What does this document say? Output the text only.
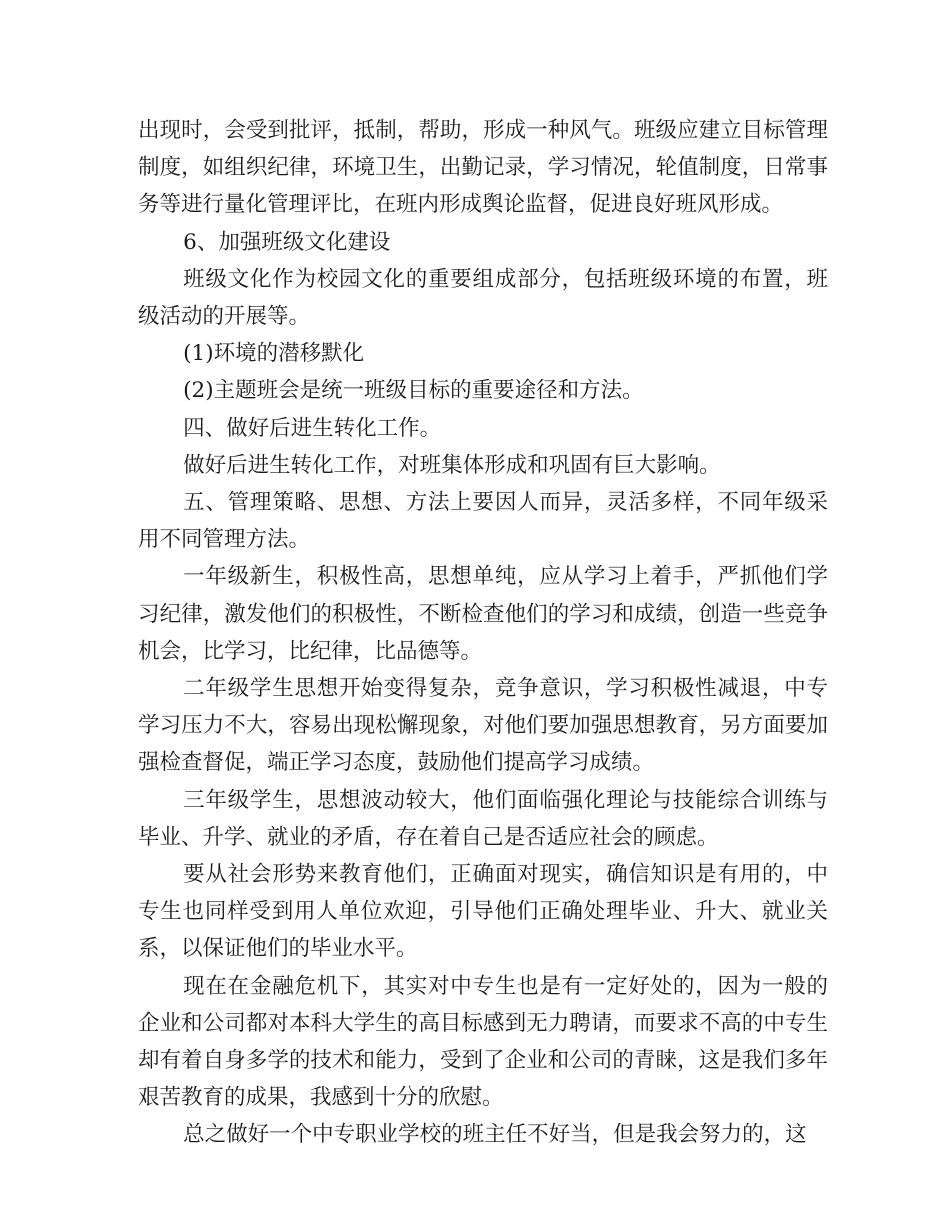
出现时，会受到批评，抵制，帮助，形成一种风气。班级应建立目标管理制度，如组织纪律，环境卫生，出勤记录，学习情况，轮值制度，日常事务等进行量化管理评比，在班内形成舆论监督，促进良好班风形成。

6、加强班级文化建设

班级文化作为校园文化的重要组成部分，包括班级环境的布置，班级活动的开展等。

(1)环境的潜移默化

(2)主题班会是统一班级目标的重要途径和方法。

四、做好后进生转化工作。

做好后进生转化工作，对班集体形成和巩固有巨大影响。

五、管理策略、思想、方法上要因人而异，灵活多样，不同年级采用不同管理方法。

一年级新生，积极性高，思想单纯，应从学习上着手，严抓他们学习纪律，激发他们的积极性，不断检查他们的学习和成绩，创造一些竞争机会，比学习，比纪律，比品德等。

二年级学生思想开始变得复杂，竞争意识，学习积极性减退，中专学习压力不大，容易出现松懈现象，对他们要加强思想教育，另方面要加强检查督促，端正学习态度，鼓励他们提高学习成绩。

三年级学生，思想波动较大，他们面临强化理论与技能综合训练与毕业、升学、就业的矛盾，存在着自己是否适应社会的顾虑。

要从社会形势来教育他们，正确面对现实，确信知识是有用的，中专生也同样受到用人单位欢迎，引导他们正确处理毕业、升大、就业关系，以保证他们的毕业水平。

现在在金融危机下，其实对中专生也是有一定好处的，因为一般的企业和公司都对本科大学生的高目标感到无力聘请，而要求不高的中专生却有着自身多学的技术和能力，受到了企业和公司的青睐，这是我们多年艰苦教育的成果，我感到十分的欣慰。

总之做好一个中专职业学校的班主任不好当，但是我会努力的，这
